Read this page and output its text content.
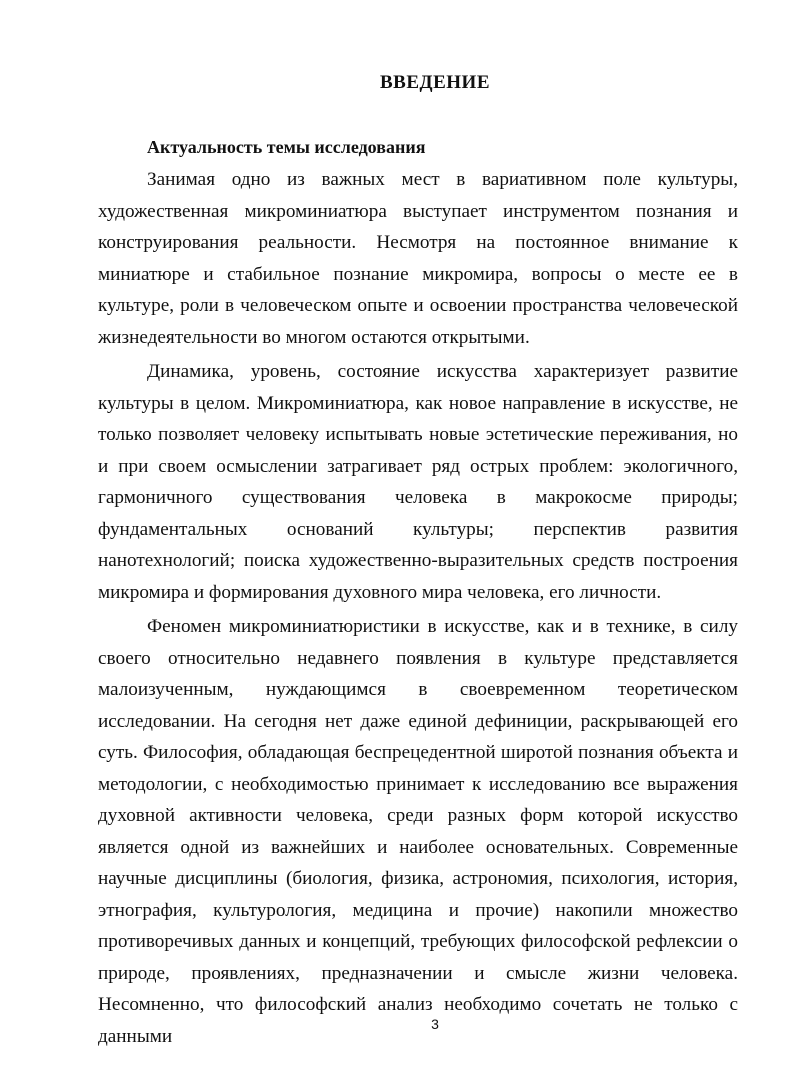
ВВЕДЕНИЕ
Актуальность темы исследования

Занимая одно из важных мест в вариативном поле культуры, художественная микроминиатюра выступает инструментом познания и конструирования реальности. Несмотря на постоянное внимание к миниатюре и стабильное познание микромира, вопросы о месте ее в культуре, роли в человеческом опыте и освоении пространства человеческой жизнедеятельности во многом остаются открытыми.

Динамика, уровень, состояние искусства характеризует развитие культуры в целом. Микроминиатюра, как новое направление в искусстве, не только позволяет человеку испытывать новые эстетические переживания, но и при своем осмыслении затрагивает ряд острых проблем: экологичного, гармоничного существования человека в макрокосме природы; фундаментальных оснований культуры; перспектив развития нанотехнологий; поиска художественно-выразительных средств построения микромира и формирования духовного мира человека, его личности.

Феномен микроминиатюристики в искусстве, как и в технике, в силу своего относительно недавнего появления в культуре представляется малоизученным, нуждающимся в своевременном теоретическом исследовании. На сегодня нет даже единой дефиниции, раскрывающей его суть. Философия, обладающая беспрецедентной широтой познания объекта и методологии, с необходимостью принимает к исследованию все выражения духовной активности человека, среди разных форм которой искусство является одной из важнейших и наиболее основательных. Современные научные дисциплины (биология, физика, астрономия, психология, история, этнография, культурология, медицина и прочие) накопили множество противоречивых данных и концепций, требующих философской рефлексии о природе, проявлениях, предназначении и смысле жизни человека. Несомненно, что философский анализ необходимо сочетать не только с данными

3
